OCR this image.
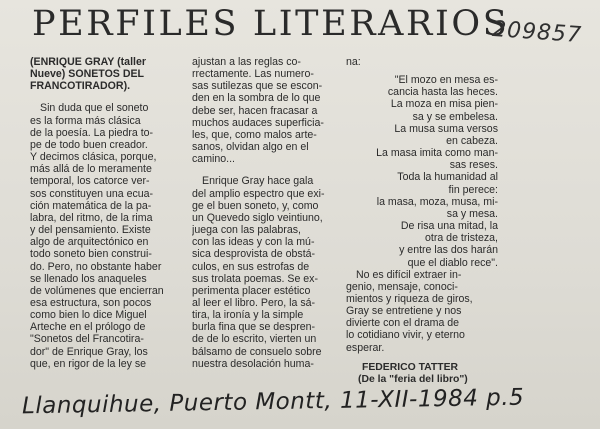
PERFILES LITERARIOS
209857
(ENRIQUE GRAY (taller
Nueve) SONETOS DEL
FRANCOTIRADOR).
Sin duda que el soneto
es la forma más clásica
de la poesía. La piedra to-
pe de todo buen creador.
Y decimos clásica, porque,
más allá de lo meramente
temporal, los catorce ver-
sos constituyen una ecua-
ción matemática de la pa-
labra, del ritmo, de la rima
y del pensamiento. Existe
algo de arquitectónico en
todo soneto bien construi-
do. Pero, no obstante haber
se llenado los anaqueles
de volúmenes que encierran
esa estructura, son pocos
como bien lo dice Miguel
Arteche en el prólogo de
"Sonetos del Francotira-
dor" de Enrique Gray, los
que, en rigor de la ley se
ajustan a las reglas co-
rrectamente. Las numero-
sas sutilezas que se escon-
den en la sombra de lo que
debe ser, hacen fracasar a
muchos audaces superficia-
les, que, como malos arte-
sanos, olvidan algo en el
camino...
Enrique Gray hace gala
del amplio espectro que exi-
ge el buen soneto, y, como
un Quevedo siglo veintiuno,
juega con las palabras,
con las ideas y con la mú-
sica desprovista de obstá-
culos, en sus estrofas de
sus trolata poemas. Se ex-
perimenta placer estético
al leer el libro. Pero, la sá-
tira, la ironía y la simple
burla fina que se despren-
de de lo escrito, vierten un
bálsamo de consuelo sobre
nuestra desolación huma-
na:
"El mozo en mesa es-
cancia hasta las heces.
La moza en misa pien-
sa y se embelesa.
La musa suma versos
en cabeza.
La masa imita como man-
sas reses.
Toda la humanidad al
fin perece:
la masa, moza, musa, mi-
sa y mesa.
De risa una mitad, la
otra de tristeza,
y entre las dos harán
que el diablo rece".
No es difícil extraer in-
genio, mensaje, conoci-
mientos y riqueza de giros,
Gray se entretiene y nos
divierte con el drama de
lo cotidiano vivir, y eterno
esperar.
FEDERICO TATTER
(De la "feria del libro")
Llanquihue, Puerto Montt, 11-XII-1984 p.5
